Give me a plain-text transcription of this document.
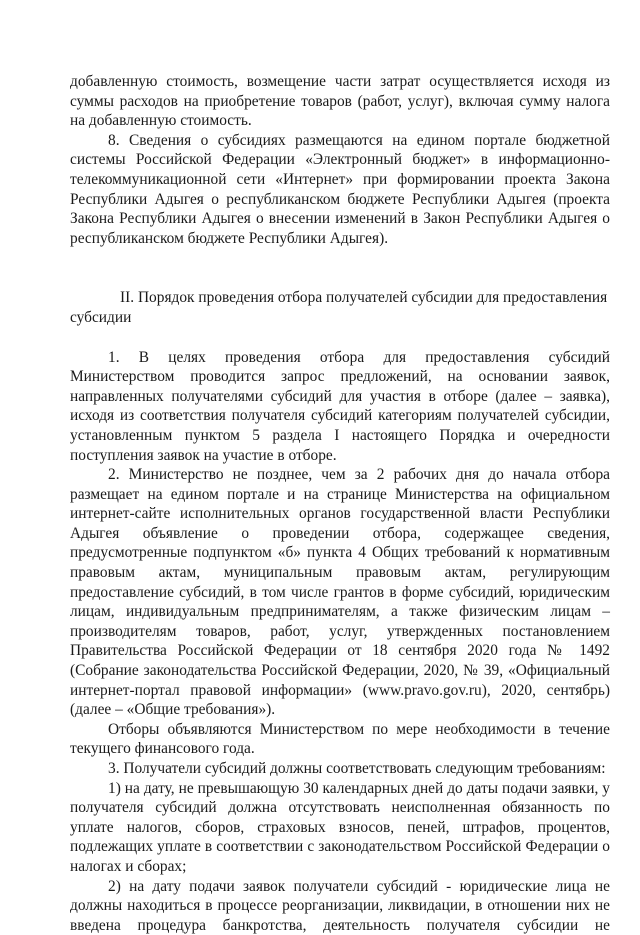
добавленную стоимость, возмещение части затрат осуществляется исходя из суммы расходов на приобретение товаров (работ, услуг), включая сумму налога на добавленную стоимость.

8. Сведения о субсидиях размещаются на едином портале бюджетной системы Российской Федерации «Электронный бюджет» в информационно-телекоммуникационной сети «Интернет» при формировании проекта Закона Республики Адыгея о республиканском бюджете Республики Адыгея (проекта Закона Республики Адыгея о внесении изменений в Закон Республики Адыгея о республиканском бюджете Республики Адыгея).

II. Порядок проведения отбора получателей субсидии для предоставления субсидии

1. В целях проведения отбора для предоставления субсидий Министерством проводится запрос предложений, на основании заявок, направленных получателями субсидий для участия в отборе (далее – заявка), исходя из соответствия получателя субсидий категориям получателей субсидии, установленным пунктом 5 раздела I настоящего Порядка и очередности поступления заявок на участие в отборе.

2. Министерство не позднее, чем за 2 рабочих дня до начала отбора размещает на едином портале и на странице Министерства на официальном интернет-сайте исполнительных органов государственной власти Республики Адыгея объявление о проведении отбора, содержащее сведения, предусмотренные подпунктом «б» пункта 4 Общих требований к нормативным правовым актам, муниципальным правовым актам, регулирующим предоставление субсидий, в том числе грантов в форме субсидий, юридическим лицам, индивидуальным предпринимателям, а также физическим лицам – производителям товаров, работ, услуг, утвержденных постановлением Правительства Российской Федерации от 18 сентября 2020 года № 1492 (Собрание законодательства Российской Федерации, 2020, № 39, «Официальный интернет-портал правовой информации» (www.pravo.gov.ru), 2020, сентябрь) (далее – «Общие требования»).

Отборы объявляются Министерством по мере необходимости в течение текущего финансового года.

3. Получатели субсидий должны соответствовать следующим требованиям:

1) на дату, не превышающую 30 календарных дней до даты подачи заявки, у получателя субсидий должна отсутствовать неисполненная обязанность по уплате налогов, сборов, страховых взносов, пеней, штрафов, процентов, подлежащих уплате в соответствии с законодательством Российской Федерации о налогах и сборах;

2) на дату подачи заявок получатели субсидий - юридические лица не должны находиться в процессе реорганизации, ликвидации, в отношении них не введена процедура банкротства, деятельность получателя субсидии не
